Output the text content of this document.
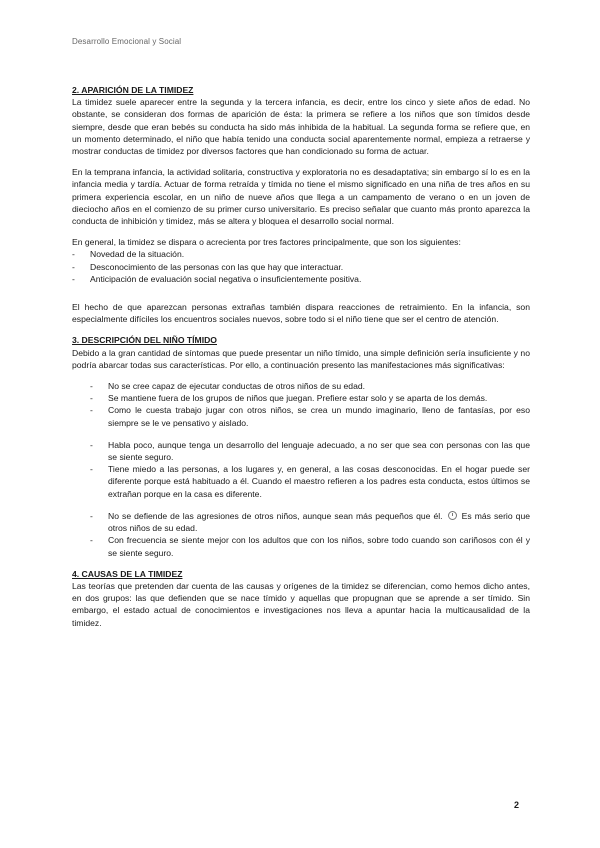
Desarrollo Emocional y Social
2. APARICIÓN DE LA TIMIDEZ

La timidez suele aparecer entre la segunda y la tercera infancia, es decir, entre los cinco y siete años de edad. No obstante, se consideran dos formas de aparición de ésta: la primera se refiere a los niños que son tímidos desde siempre, desde que eran bebés su conducta ha sido más inhibida de la habitual. La segunda forma se refiere que, en un momento determinado, el niño que había tenido una conducta social aparentemente normal, empieza a retraerse y mostrar conductas de timidez por diversos factores que han condicionado su forma de actuar.

En la temprana infancia, la actividad solitaria, constructiva y exploratoria no es desadaptativa; sin embargo sí lo es en la infancia media y tardía. Actuar de forma retraída y tímida no tiene el mismo significado en una niña de tres años en su primera experiencia escolar, en un niño de nueve años que llega a un campamento de verano o en un joven de dieciocho años en el comienzo de su primer curso universitario. Es preciso señalar que cuanto más pronto aparezca la conducta de inhibición y timidez, más se altera y bloquea el desarrollo social normal.

En general, la timidez se dispara o acrecienta por tres factores principalmente, que son los siguientes:

- Novedad de la situación.
- Desconocimiento de las personas con las que hay que interactuar.
- Anticipación de evaluación social negativa o insuficientemente positiva.

El hecho de que aparezcan personas extrañas también dispara reacciones de retraimiento. En la infancia, son especialmente difíciles los encuentros sociales nuevos, sobre todo si el niño tiene que ser el centro de atención.

3. DESCRIPCIÓN DEL NIÑO TÍMIDO

Debido a la gran cantidad de síntomas que puede presentar un niño tímido, una simple definición sería insuficiente y no podría abarcar todas sus características. Por ello, a continuación presento las manifestaciones más significativas:

- No se cree capaz de ejecutar conductas de otros niños de su edad.
- Se mantiene fuera de los grupos de niños que juegan. Prefiere estar solo y se aparta de los demás.
- Como le cuesta trabajo jugar con otros niños, se crea un mundo imaginario, lleno de fantasías, por eso siempre se le ve pensativo y aislado.
- Habla poco, aunque tenga un desarrollo del lenguaje adecuado, a no ser que sea con personas con las que se siente seguro.
- Tiene miedo a las personas, a los lugares y, en general, a las cosas desconocidas. En el hogar puede ser diferente porque está habituado a él. Cuando el maestro refieren a los padres esta conducta, estos últimos se extrañan porque en la casa es diferente.
- No se defiende de las agresiones de otros niños, aunque sean más pequeños que él. Es más serio que otros niños de su edad.
- Con frecuencia se siente mejor con los adultos que con los niños, sobre todo cuando son cariñosos con él y se siente seguro.
4. CAUSAS DE LA TIMIDEZ

Las teorías que pretenden dar cuenta de las causas y orígenes de la timidez se diferencian, como hemos dicho antes, en dos grupos: las que defienden que se nace tímido y aquellas que propugnan que se aprende a ser tímido. Sin embargo, el estado actual de conocimientos e investigaciones nos lleva a apuntar hacia la multicausalidad de la timidez.

2
